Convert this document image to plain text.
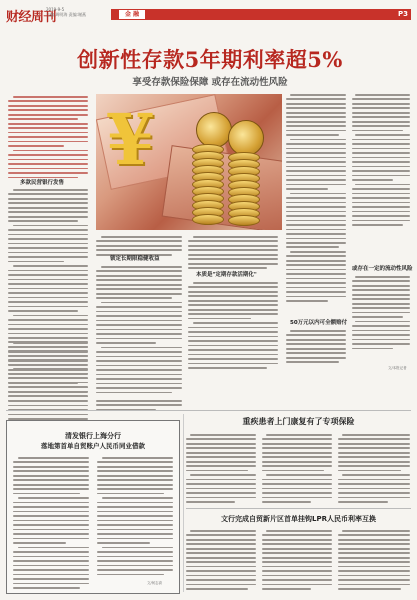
财经周刊
2019-9-5
主编:周明海 责编:谢燕	金 融	P3
创新性存款5年期利率超5%
享受存款保险保障 或存在流动性风险
多款民营银行发售
¥
锁定长期限稳健收益
本质是"定期存款活期化"
50万元以内可全额赔付
或存在一定的流动性风险
文/本报记者
清发银行上海分行
落地第首单自贸账户人民币同业借款
文/何志高
重疾患者上门康复有了专项保险
文行完成自贸新片区首单挂钩LPR人民币利率互换
